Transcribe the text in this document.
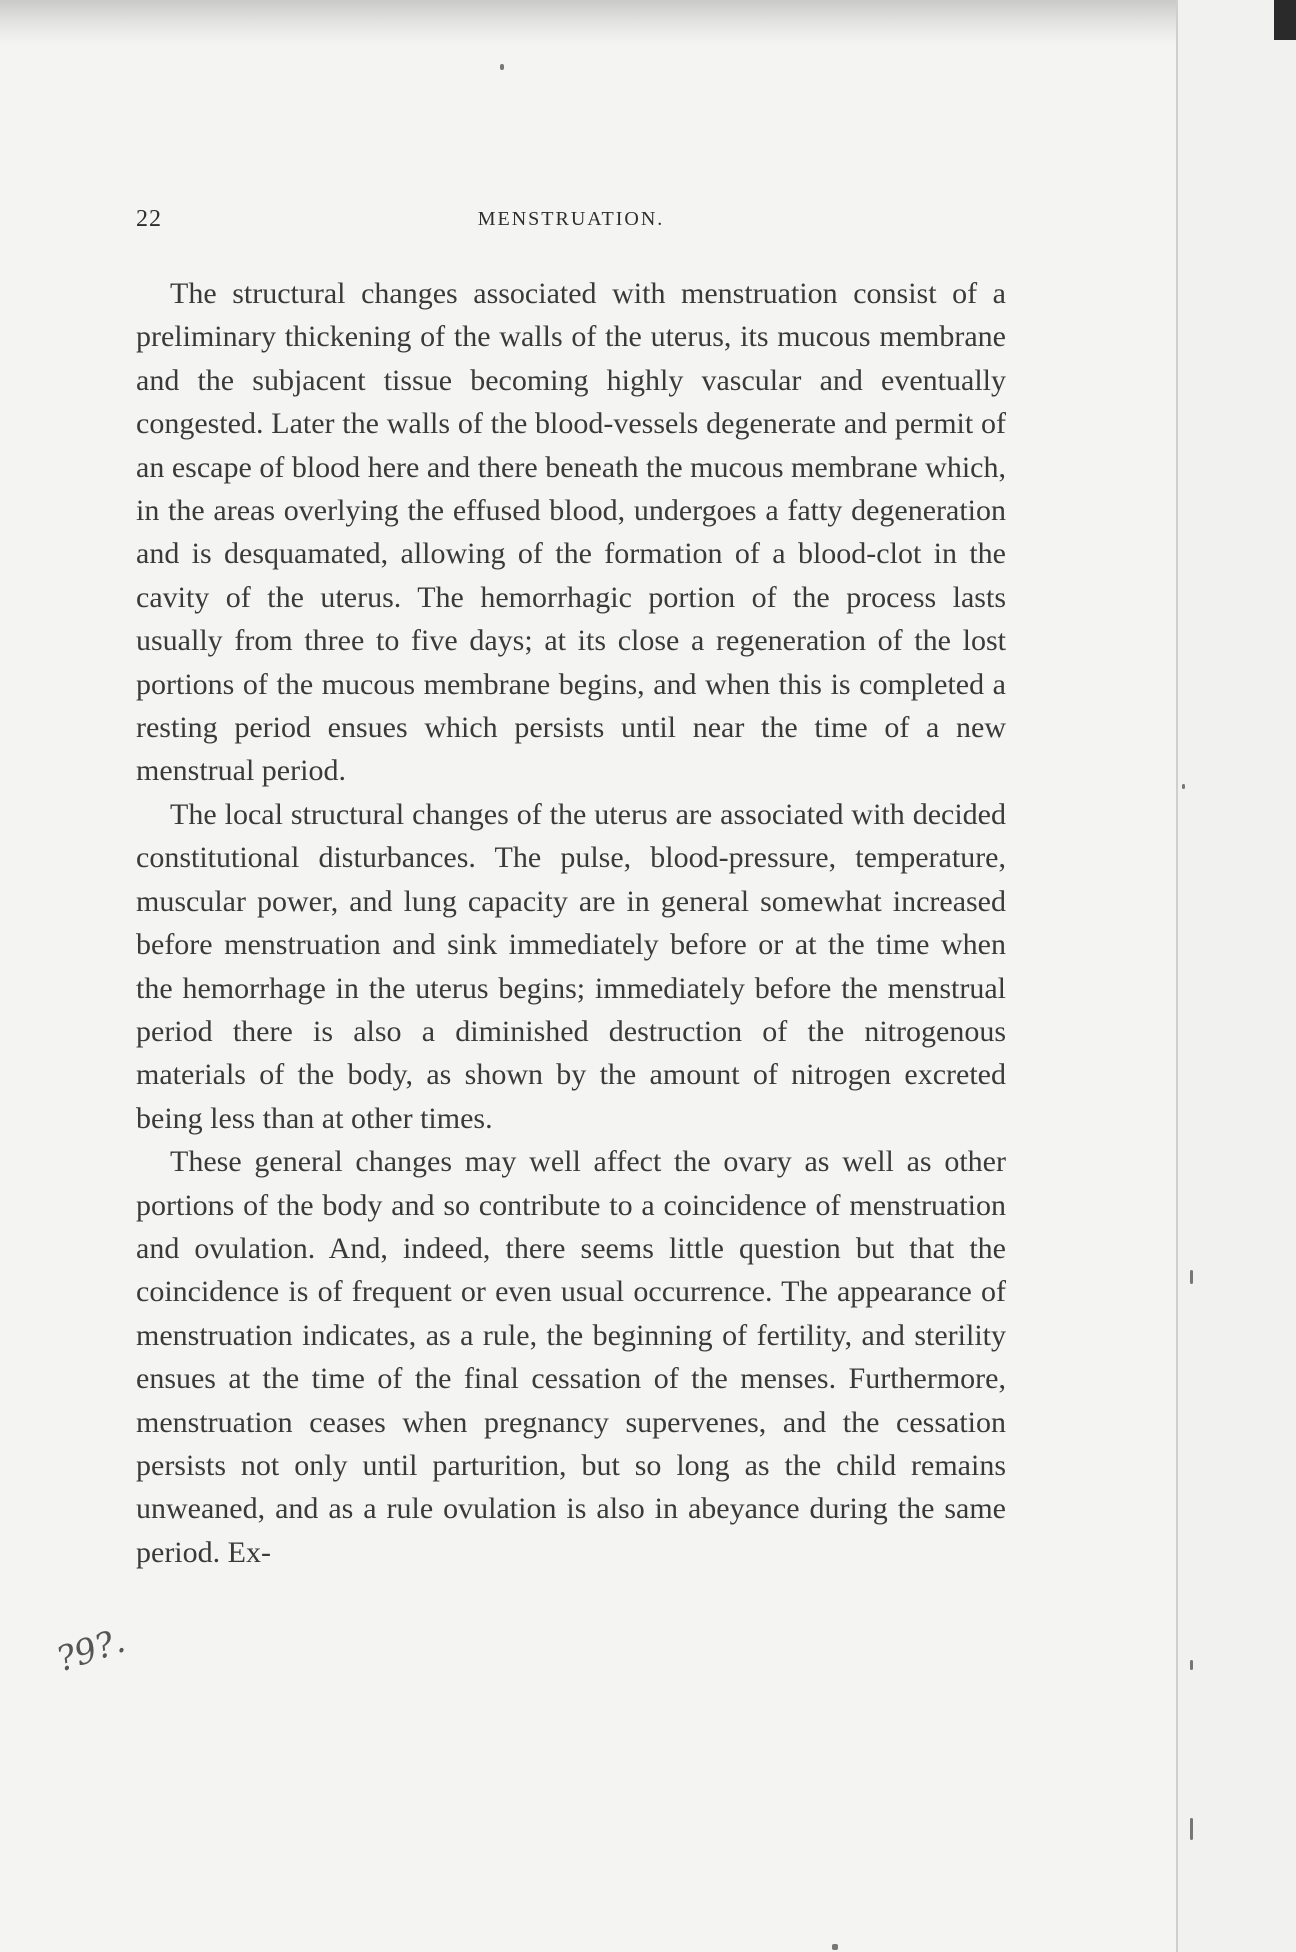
22	MENSTRUATION.

The structural changes associated with menstruation consist of a preliminary thickening of the walls of the uterus, its mucous membrane and the subjacent tissue becoming highly vascular and eventually congested. Later the walls of the blood-vessels degenerate and permit of an escape of blood here and there beneath the mucous membrane which, in the areas overlying the effused blood, undergoes a fatty degeneration and is desquamated, allowing of the formation of a blood-clot in the cavity of the uterus. The hemorrhagic portion of the process lasts usually from three to five days; at its close a regeneration of the lost portions of the mucous membrane begins, and when this is completed a resting period ensues which persists until near the time of a new menstrual period.

The local structural changes of the uterus are associated with decided constitutional disturbances. The pulse, blood-pressure, temperature, muscular power, and lung capacity are in general somewhat increased before menstruation and sink immediately before or at the time when the hemorrhage in the uterus begins; immediately before the menstrual period there is also a diminished destruction of the nitrogenous materials of the body, as shown by the amount of nitrogen excreted being less than at other times.

These general changes may well affect the ovary as well as other portions of the body and so contribute to a coincidence of menstruation and ovulation. And, indeed, there seems little question but that the coincidence is of frequent or even usual occurrence. The appearance of menstruation indicates, as a rule, the beginning of fertility, and sterility ensues at the time of the final cessation of the menses. Furthermore, menstruation ceases when pregnancy supervenes, and the cessation persists not only until parturition, but so long as the child remains unweaned, and as a rule ovulation is also in abeyance during the same period. Ex-

?9?.
